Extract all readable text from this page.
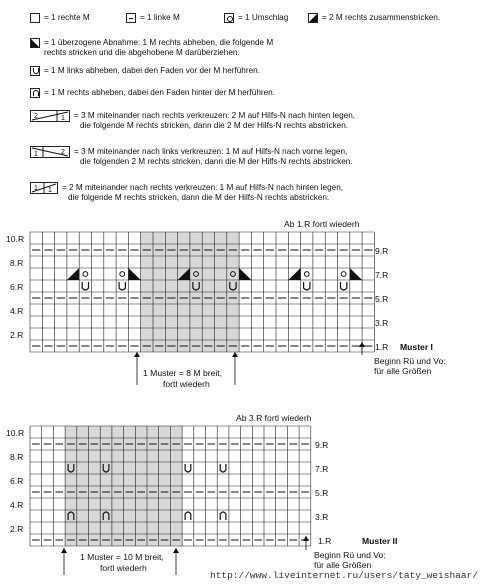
= 1 rechte M	= 1 linke M	= 1 Umschlag	= 2 M rechts zusammenstricken.
= 1 überzogene Abnahme: 1 M rechts abheben, die folgende M
rechts stricken und die abgehobene M darüberziehen.
= 1 M links abheben, dabei den Faden vor der M herführen.
= 1 M rechts abheben, dabei den Faden hinter der M herführen.
2	1 = 3 M miteinander nach rechts verkreuzen: 2 M auf Hilfs-N nach hinten legen,
die folgende M rechts stricken, dann die 2 M der Hilfs-N rechts abstricken.
1	2 = 3 M miteinander nach links verkreuzen: 1 M auf Hilfs-N nach vorne legen,
die folgenden 2 M rechts stricken, dann die M der Hilfs-N rechts abstricken.
1 1 = 2 M miteinander nach rechts verkreuzen: 1 M auf Hilfs-N nach hinten legen,
die folgende M rechts stricken, dann die M der Hilfs-N rechts abstricken.
Ab 1.R fortl wiederh
10.R
8.R
6.R
4.R
2.R
9.R
7.R
5.R
3.R
1.R Muster I
1 Muster = 8 M breit,
fortl wiederh
Beginn Rü und Vo:
für alle Größen
Ab 3.R fortl wiederh
10.R
8.R
6.R
4.R
2.R
9.R
7.R
5.R
3.R
1.R	Muster II
1 Muster = 10 M breit,
fortl wiederh
Beginn Rü und Vo:
für alle Größen
http://www.liveinternet.ru/users/taty_weishaar/
